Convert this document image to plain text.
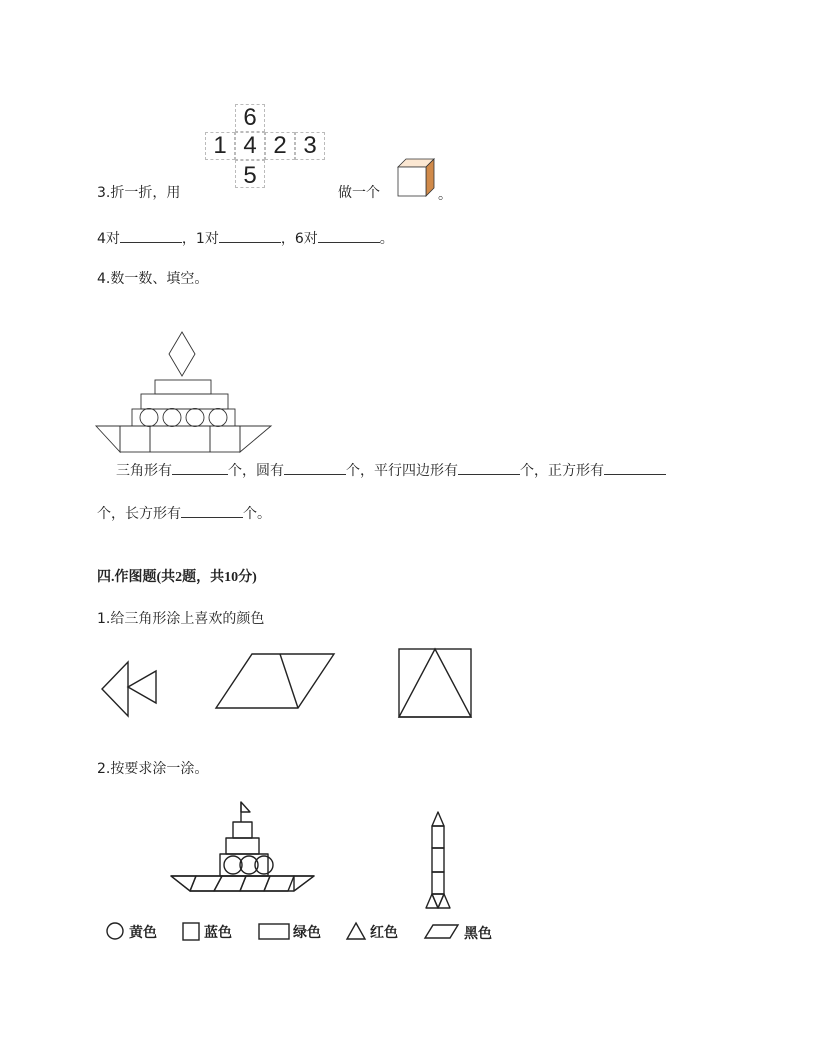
6
1 4 2 3
5
3.折一折，用	做一个	。
4对	，1对	，6对	。
4.数一数、填空。
三角形有	个，圆有	个，平行四边形有	个，正方形有
个，长方形有	个。
四.作图题(共2题，共10分)
1.给三角形涂上喜欢的颜色
2.按要求涂一涂。
黄色	蓝色	绿色	红色	黑色
